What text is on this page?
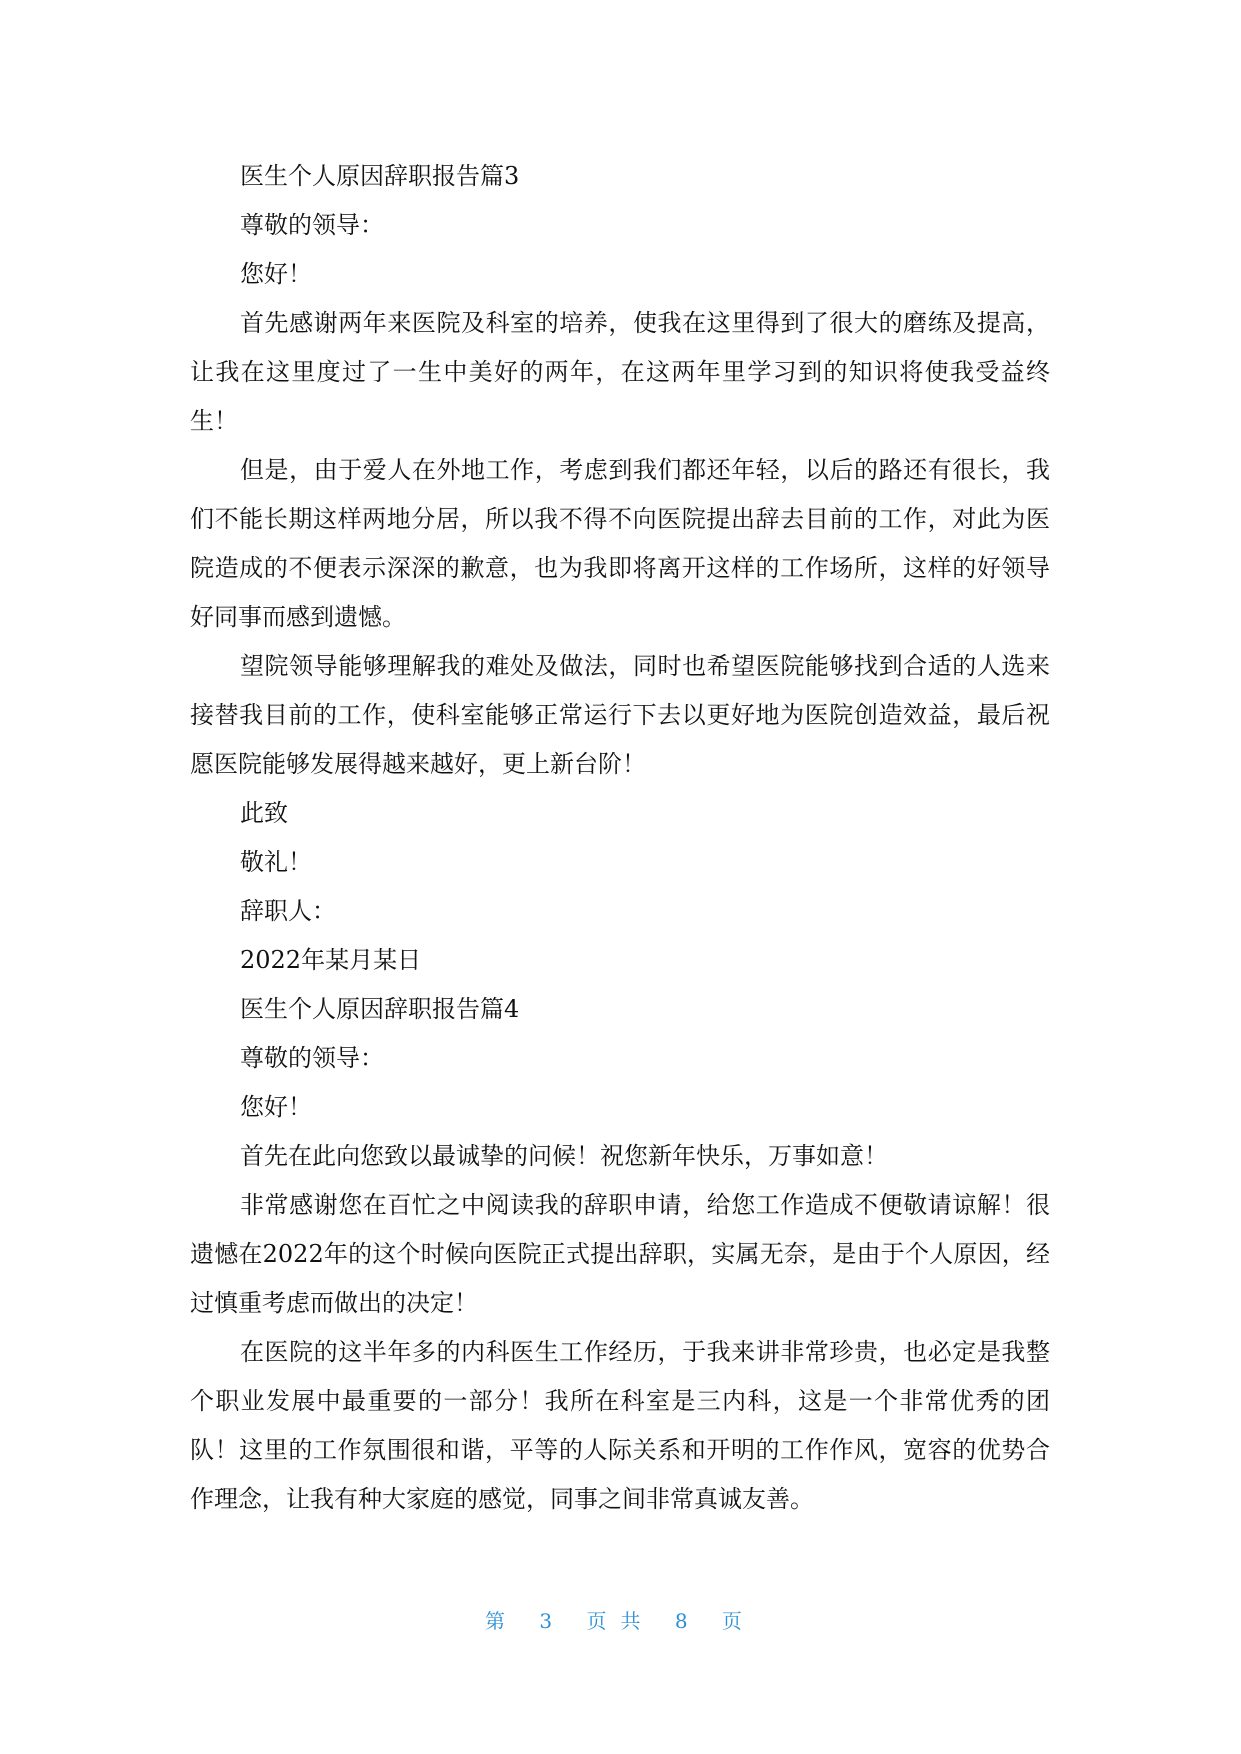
医生个人原因辞职报告篇3

尊敬的领导：

您好！

首先感谢两年来医院及科室的培养，使我在这里得到了很大的磨练及提高，让我在这里度过了一生中美好的两年，在这两年里学习到的知识将使我受益终生！

但是，由于爱人在外地工作，考虑到我们都还年轻，以后的路还有很长，我们不能长期这样两地分居，所以我不得不向医院提出辞去目前的工作，对此为医院造成的不便表示深深的歉意，也为我即将离开这样的工作场所，这样的好领导好同事而感到遗憾。

望院领导能够理解我的难处及做法，同时也希望医院能够找到合适的人选来接替我目前的工作，使科室能够正常运行下去以更好地为医院创造效益，最后祝愿医院能够发展得越来越好，更上新台阶！

此致

敬礼！

辞职人：

2022年某月某日

医生个人原因辞职报告篇4

尊敬的领导：

您好！

首先在此向您致以最诚挚的问候！祝您新年快乐，万事如意！

非常感谢您在百忙之中阅读我的辞职申请，给您工作造成不便敬请谅解！很遗憾在2022年的这个时候向医院正式提出辞职，实属无奈，是由于个人原因，经过慎重考虑而做出的决定！

在医院的这半年多的内科医生工作经历，于我来讲非常珍贵，也必定是我整个职业发展中最重要的一部分！我所在科室是三内科，这是一个非常优秀的团队！这里的工作氛围很和谐，平等的人际关系和开明的工作作风，宽容的优势合作理念，让我有种大家庭的感觉，同事之间非常真诚友善。

第 3 页共 8 页
